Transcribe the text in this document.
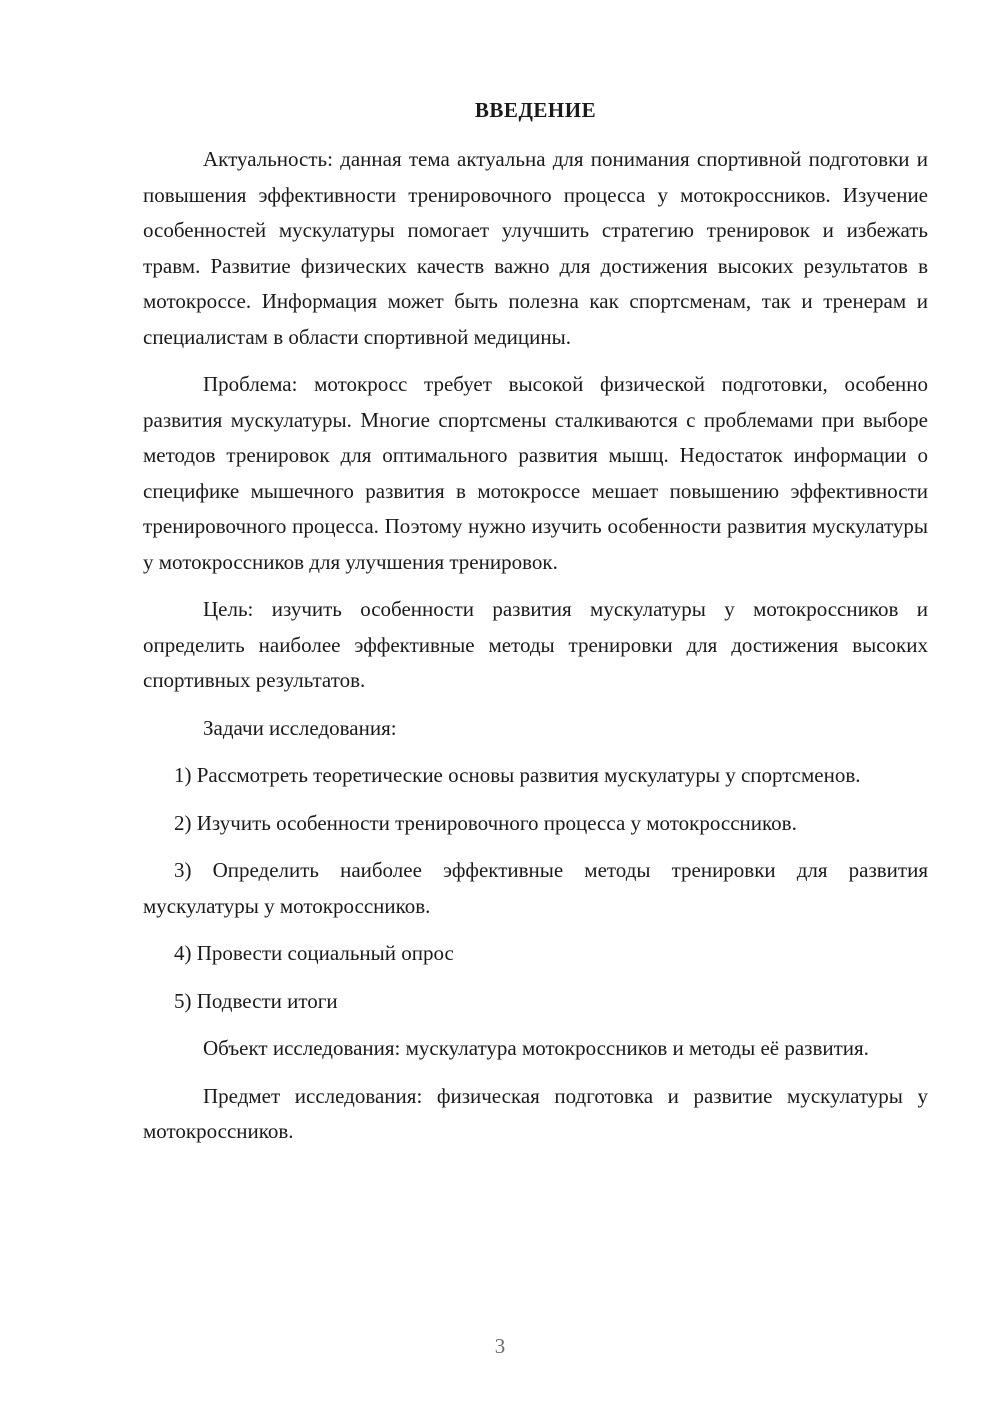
ВВЕДЕНИЕ

Актуальность: данная тема актуальна для понимания спортивной подготовки и повышения эффективности тренировочного процесса у мотокроссников. Изучение особенностей мускулатуры помогает улучшить стратегию тренировок и избежать травм. Развитие физических качеств важно для достижения высоких результатов в мотокроссе. Информация может быть полезна как спортсменам, так и тренерам и специалистам в области спортивной медицины.

Проблема: мотокросс требует высокой физической подготовки, особенно развития мускулатуры. Многие спортсмены сталкиваются с проблемами при выборе методов тренировок для оптимального развития мышц. Недостаток информации о специфике мышечного развития в мотокроссе мешает повышению эффективности тренировочного процесса. Поэтому нужно изучить особенности развития мускулатуры у мотокроссников для улучшения тренировок.

Цель: изучить особенности развития мускулатуры у мотокроссников и определить наиболее эффективные методы тренировки для достижения высоких спортивных результатов.

Задачи исследования:

1) Рассмотреть теоретические основы развития мускулатуры у спортсменов.

2) Изучить особенности тренировочного процесса у мотокроссников.

3) Определить наиболее эффективные методы тренировки для развития мускулатуры у мотокроссников.

4) Провести социальный опрос

5) Подвести итоги

Объект исследования: мускулатура мотокроссников и методы её развития.

Предмет исследования: физическая подготовка и развитие мускулатуры у мотокроссников.

3
